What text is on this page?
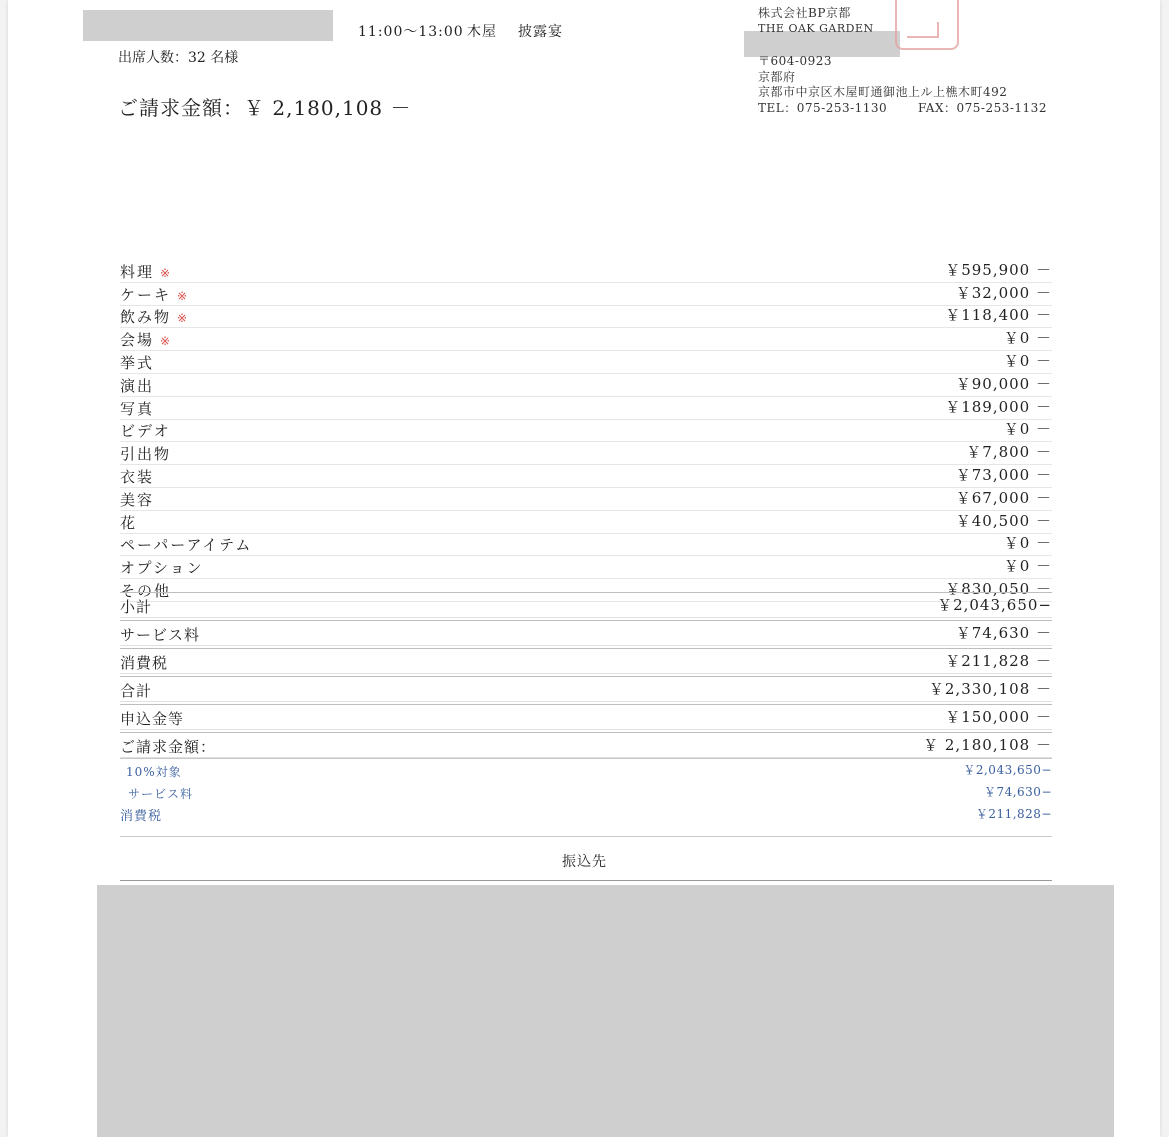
11:00〜13:00 木屋 披露宴
出席人数：32 名様
ご請求金額：￥ 2,180,108 －
株式会社BP京都
THE OAK GARDEN
〒604-0923
京都府
京都市中京区木屋町通御池上ル上樵木町492
TEL：075-253-1130	FAX：075-253-1132
料理 ※	￥595,900 －
ケーキ ※	￥32,000 －
飲み物 ※	￥118,400 －
会場 ※	￥0 －
挙式	￥0 －
演出	￥90,000 －
写真	￥189,000 －
ビデオ	￥0 －
引出物	￥7,800 －
衣装	￥73,000 －
美容	￥67,000 －
花	￥40,500 －
ペーパーアイテム	￥0 －
オプション	￥0 －
その他	￥830,050 －
小計	￥2,043,650−
サービス料	￥74,630 －
消費税	￥211,828 －
合計	￥2,330,108 －
申込金等	￥150,000 －
ご請求金額：	￥ 2,180,108 －
10%対象	￥2,043,650−
サービス料	￥74,630−
消費税	￥211,828−
振込先
